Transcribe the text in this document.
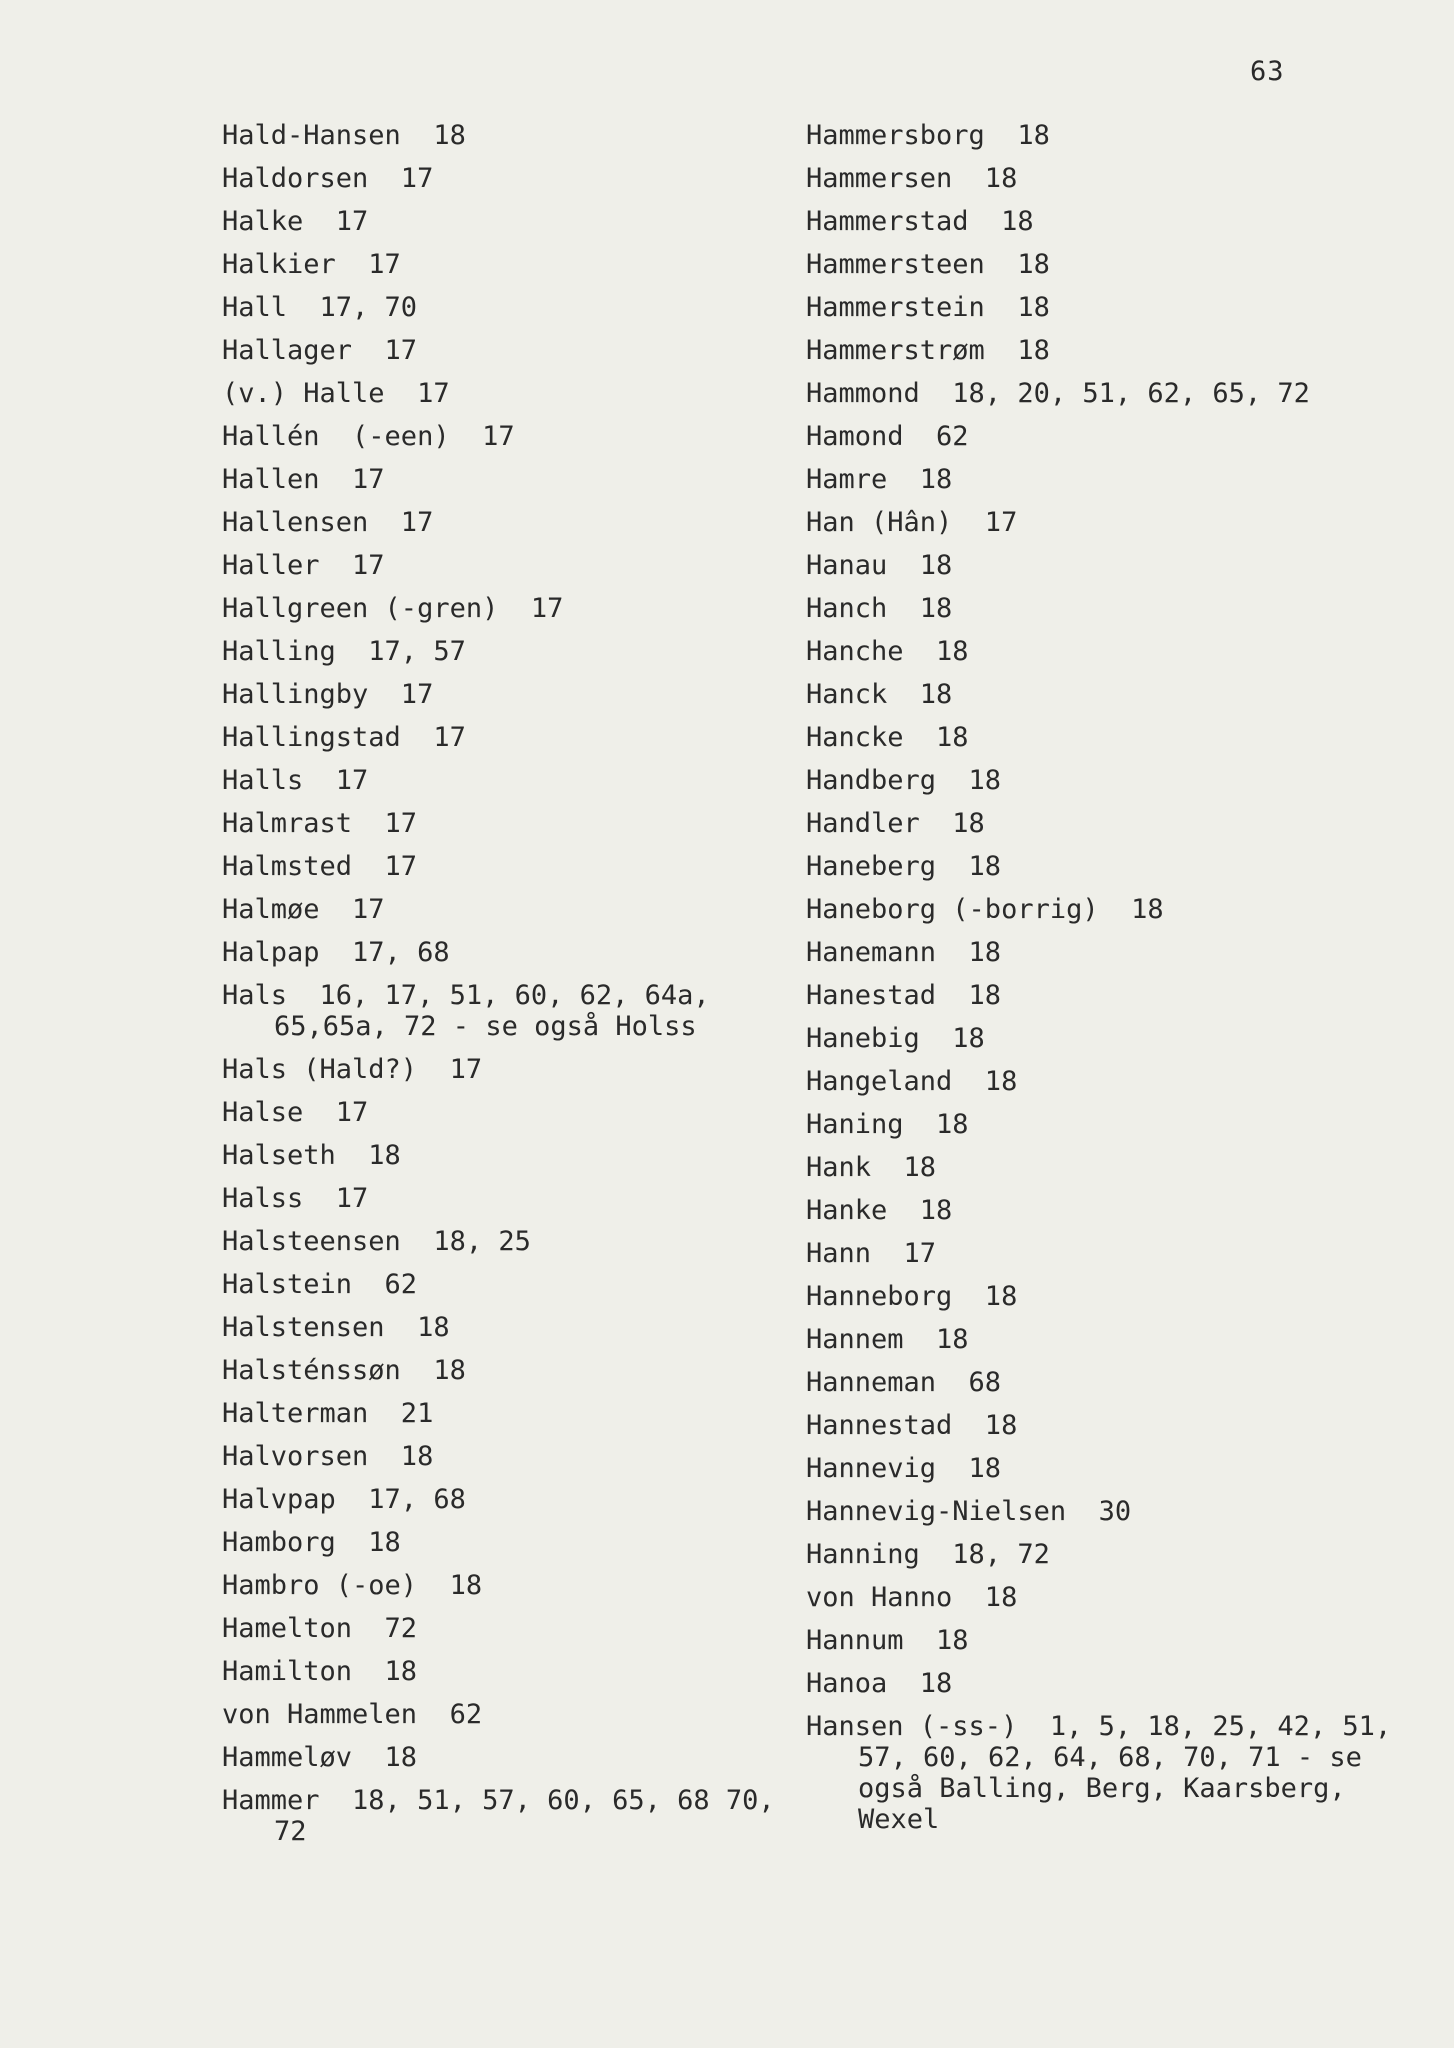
63
Hald-Hansen  18
Haldorsen  17
Halke  17
Halkier  17
Hall  17, 70
Hallager  17
(v.) Halle  17
Hallén  (-een)  17
Hallen  17
Hallensen  17
Haller  17
Hallgreen (-gren)  17
Halling  17, 57
Hallingby  17
Hallingstad  17
Halls  17
Halmrast  17
Halmsted  17
Halmøe  17
Halpap  17, 68
Hals  16, 17, 51, 60, 62, 64a, 65,65a, 72 - se også Holss
Hals (Hald?)  17
Halse  17
Halseth  18
Halss  17
Halsteensen  18, 25
Halstein  62
Halstensen  18
Halsténssøn  18
Halterman  21
Halvorsen  18
Halvpap  17, 68
Hamborg  18
Hambro (-oe)  18
Hamelton  72
Hamilton  18
von Hammelen  62
Hammeløv  18
Hammer  18, 51, 57, 60, 65, 68 70, 72
Hammersborg  18
Hammersen  18
Hammerstad  18
Hammersteen  18
Hammerstein  18
Hammerstrøm  18
Hammond  18, 20, 51, 62, 65, 72
Hamond  62
Hamre  18
Han (Hân)  17
Hanau  18
Hanch  18
Hanche  18
Hanck  18
Hancke  18
Handberg  18
Handler  18
Haneberg  18
Haneborg (-borrig)  18
Hanemann  18
Hanestad  18
Hanebig  18
Hangeland  18
Haning  18
Hank  18
Hanke  18
Hann  17
Hanneborg  18
Hannem  18
Hanneman  68
Hannestad  18
Hannevig  18
Hannevig-Nielsen  30
Hanning  18, 72
von Hanno  18
Hannum  18
Hanoa  18
Hansen (-ss-)  1, 5, 18, 25, 42, 51, 57, 60, 62, 64, 68, 70, 71 - se også Balling, Berg, Kaarsberg, Wexel
